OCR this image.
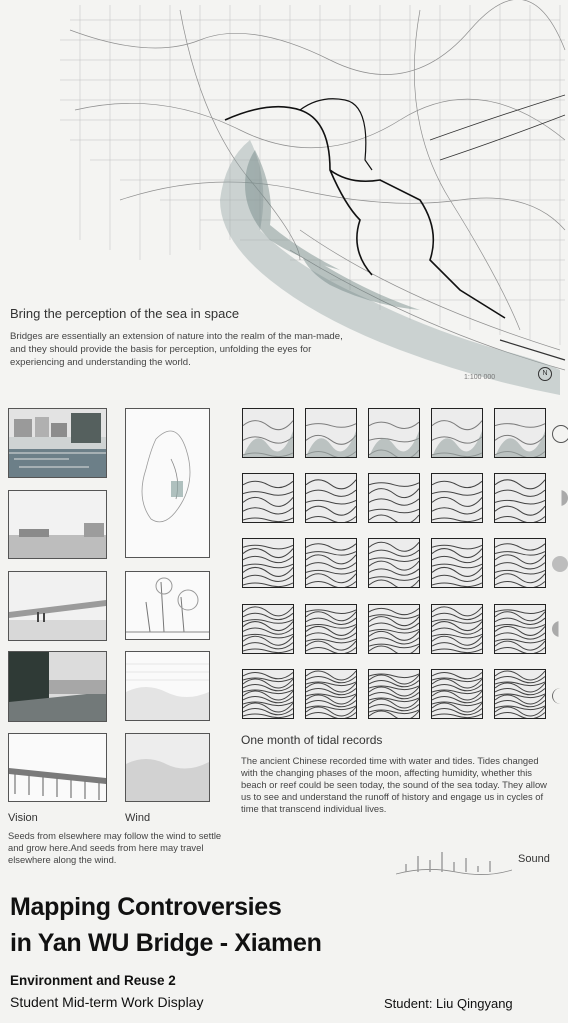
Bring the perception of the sea in space
Bridges are essentially an extension of nature into the realm of the man-made, and they should provide the basis for perception, unfolding the eyes for experiencing and understanding the world.
1:100 000
N
Vision	Wind
Seeds from elsewhere may follow the wind to settle and grow here.And seeds from here may travel elsewhere along the wind.
One month of tidal records
The ancient Chinese recorded time with water and tides. Tides changed with the changing phases of the moon, affecting humidity, whether this beach or reef could be seen today, the sound of the sea today. They allow us to see and understand the runoff of history and engage us in cycles of time that transcend individual lives.
Sound
Mapping Controversies
in Yan WU Bridge - Xiamen
Environment and Reuse 2
Student Mid-term Work Display	Student: Liu Qingyang
